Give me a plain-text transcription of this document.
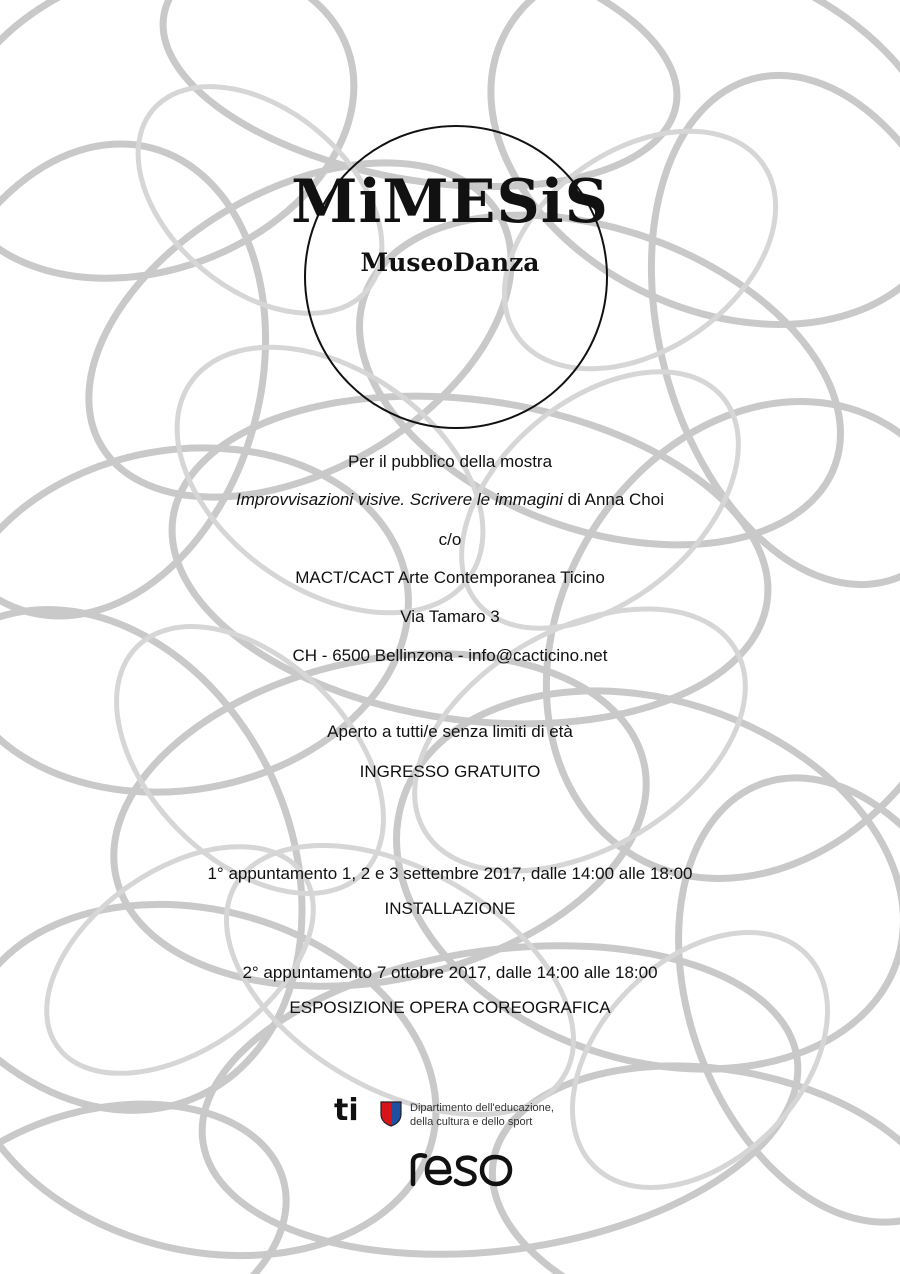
MiMESiS
MuseoDanza
Per il pubblico della mostra
Improvvisazioni visive. Scrivere le immagini di Anna Choi
c/o
MACT/CACT Arte Contemporanea Ticino
Via Tamaro 3
CH - 6500 Bellinzona - info@cacticino.net
Aperto a tutti/e senza limiti di età
INGRESSO GRATUITO
1° appuntamento 1, 2 e 3 settembre 2017, dalle 14:00 alle 18:00
INSTALLAZIONE
2° appuntamento 7 ottobre 2017, dalle 14:00 alle 18:00
ESPOSIZIONE OPERA COREOGRAFICA
ti	Dipartimento dell'educazione,
della cultura e dello sport
